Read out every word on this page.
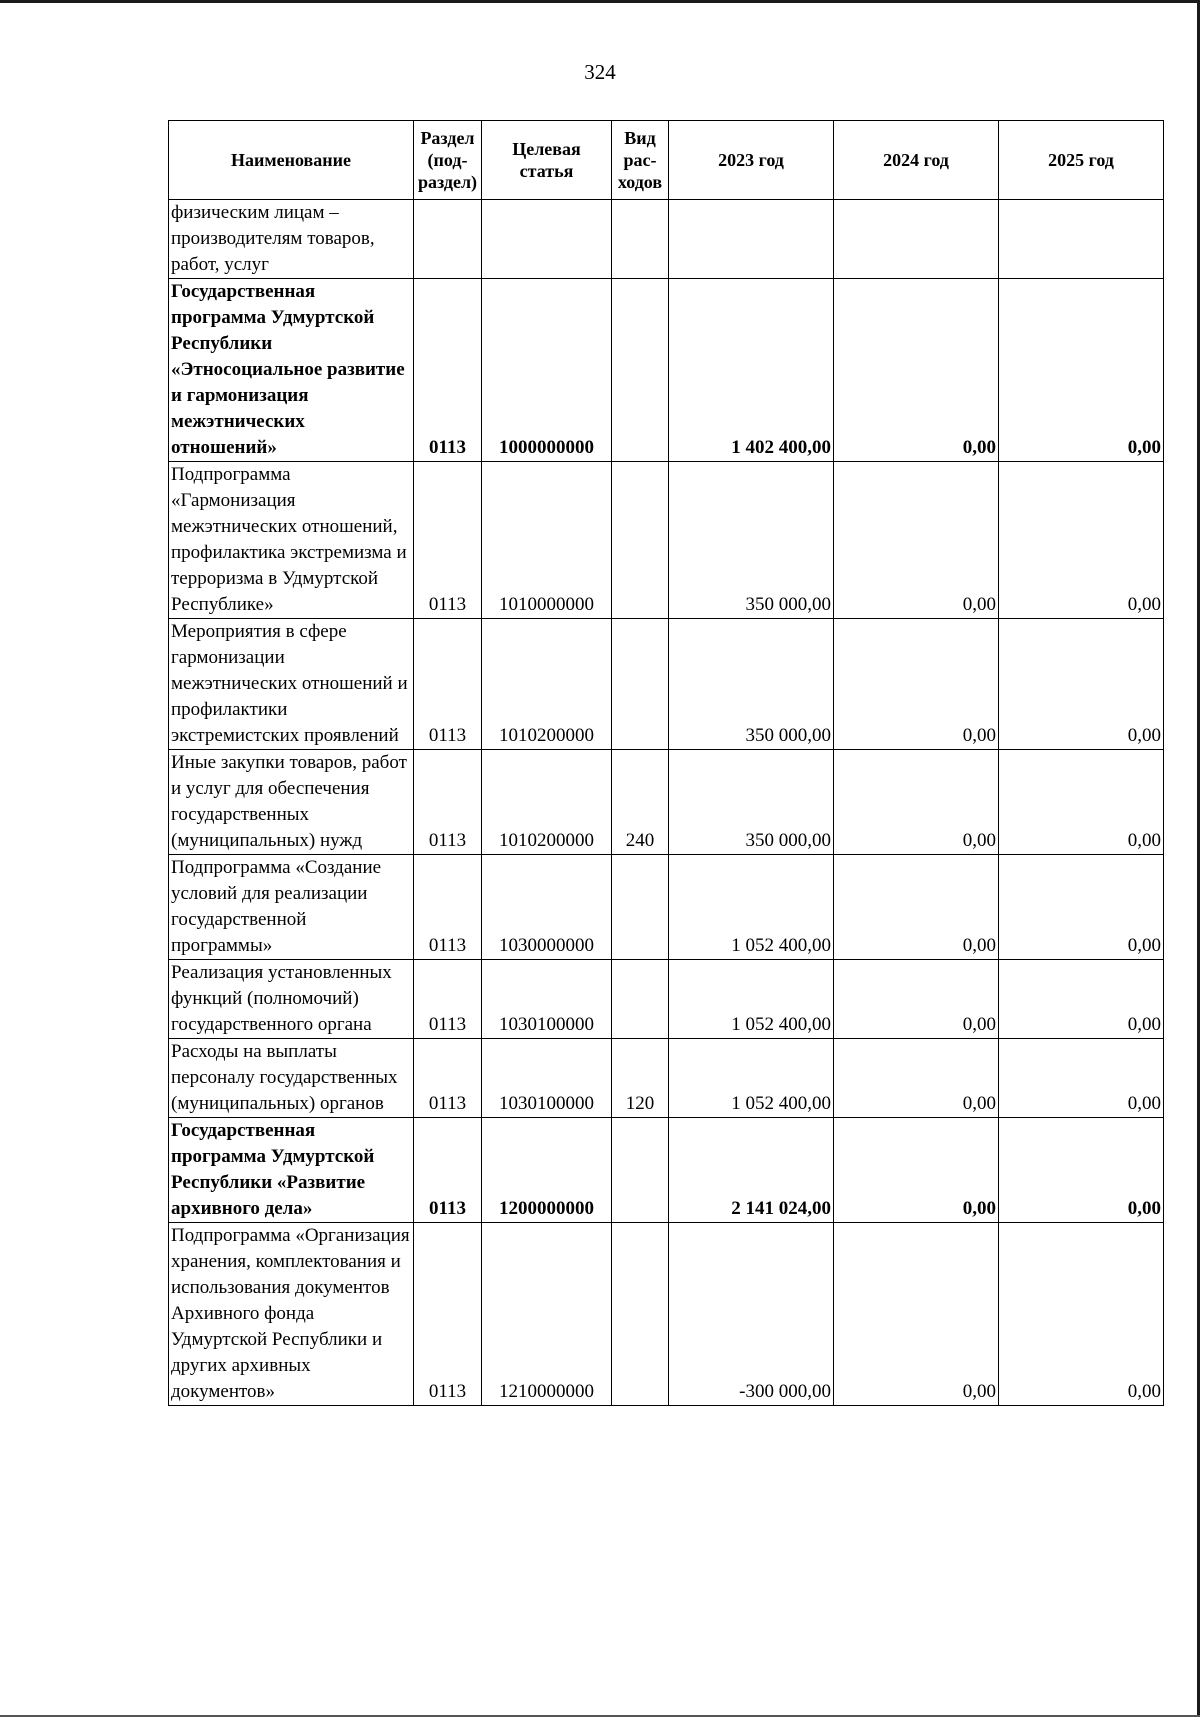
324
Наименование	Раздел (под-раздел)	Целевая статья	Вид рас-ходов	2023 год	2024 год	2025 год
физическим лицам – производителям товаров, работ, услуг						
Государственная программа Удмуртской Республики «Этносоциальное развитие и гармонизация межэтнических отношений»	0113	1000000000		1 402 400,00	0,00	0,00
Подпрограмма «Гармонизация межэтнических отношений, профилактика экстремизма и терроризма в Удмуртской Республике»	0113	1010000000		350 000,00	0,00	0,00
Мероприятия в сфере гармонизации межэтнических отношений и профилактики экстремистских проявлений	0113	1010200000		350 000,00	0,00	0,00
Иные закупки товаров, работ и услуг для обеспечения государственных (муниципальных) нужд	0113	1010200000	240	350 000,00	0,00	0,00
Подпрограмма «Создание условий для реализации государственной программы»	0113	1030000000		1 052 400,00	0,00	0,00
Реализация установленных функций (полномочий) государственного органа	0113	1030100000		1 052 400,00	0,00	0,00
Расходы на выплаты персоналу государственных (муниципальных) органов	0113	1030100000	120	1 052 400,00	0,00	0,00
Государственная программа Удмуртской Республики «Развитие архивного дела»	0113	1200000000		2 141 024,00	0,00	0,00
Подпрограмма «Организация хранения, комплектования и использования документов Архивного фонда Удмуртской Республики и других архивных документов»	0113	1210000000		-300 000,00	0,00	0,00
